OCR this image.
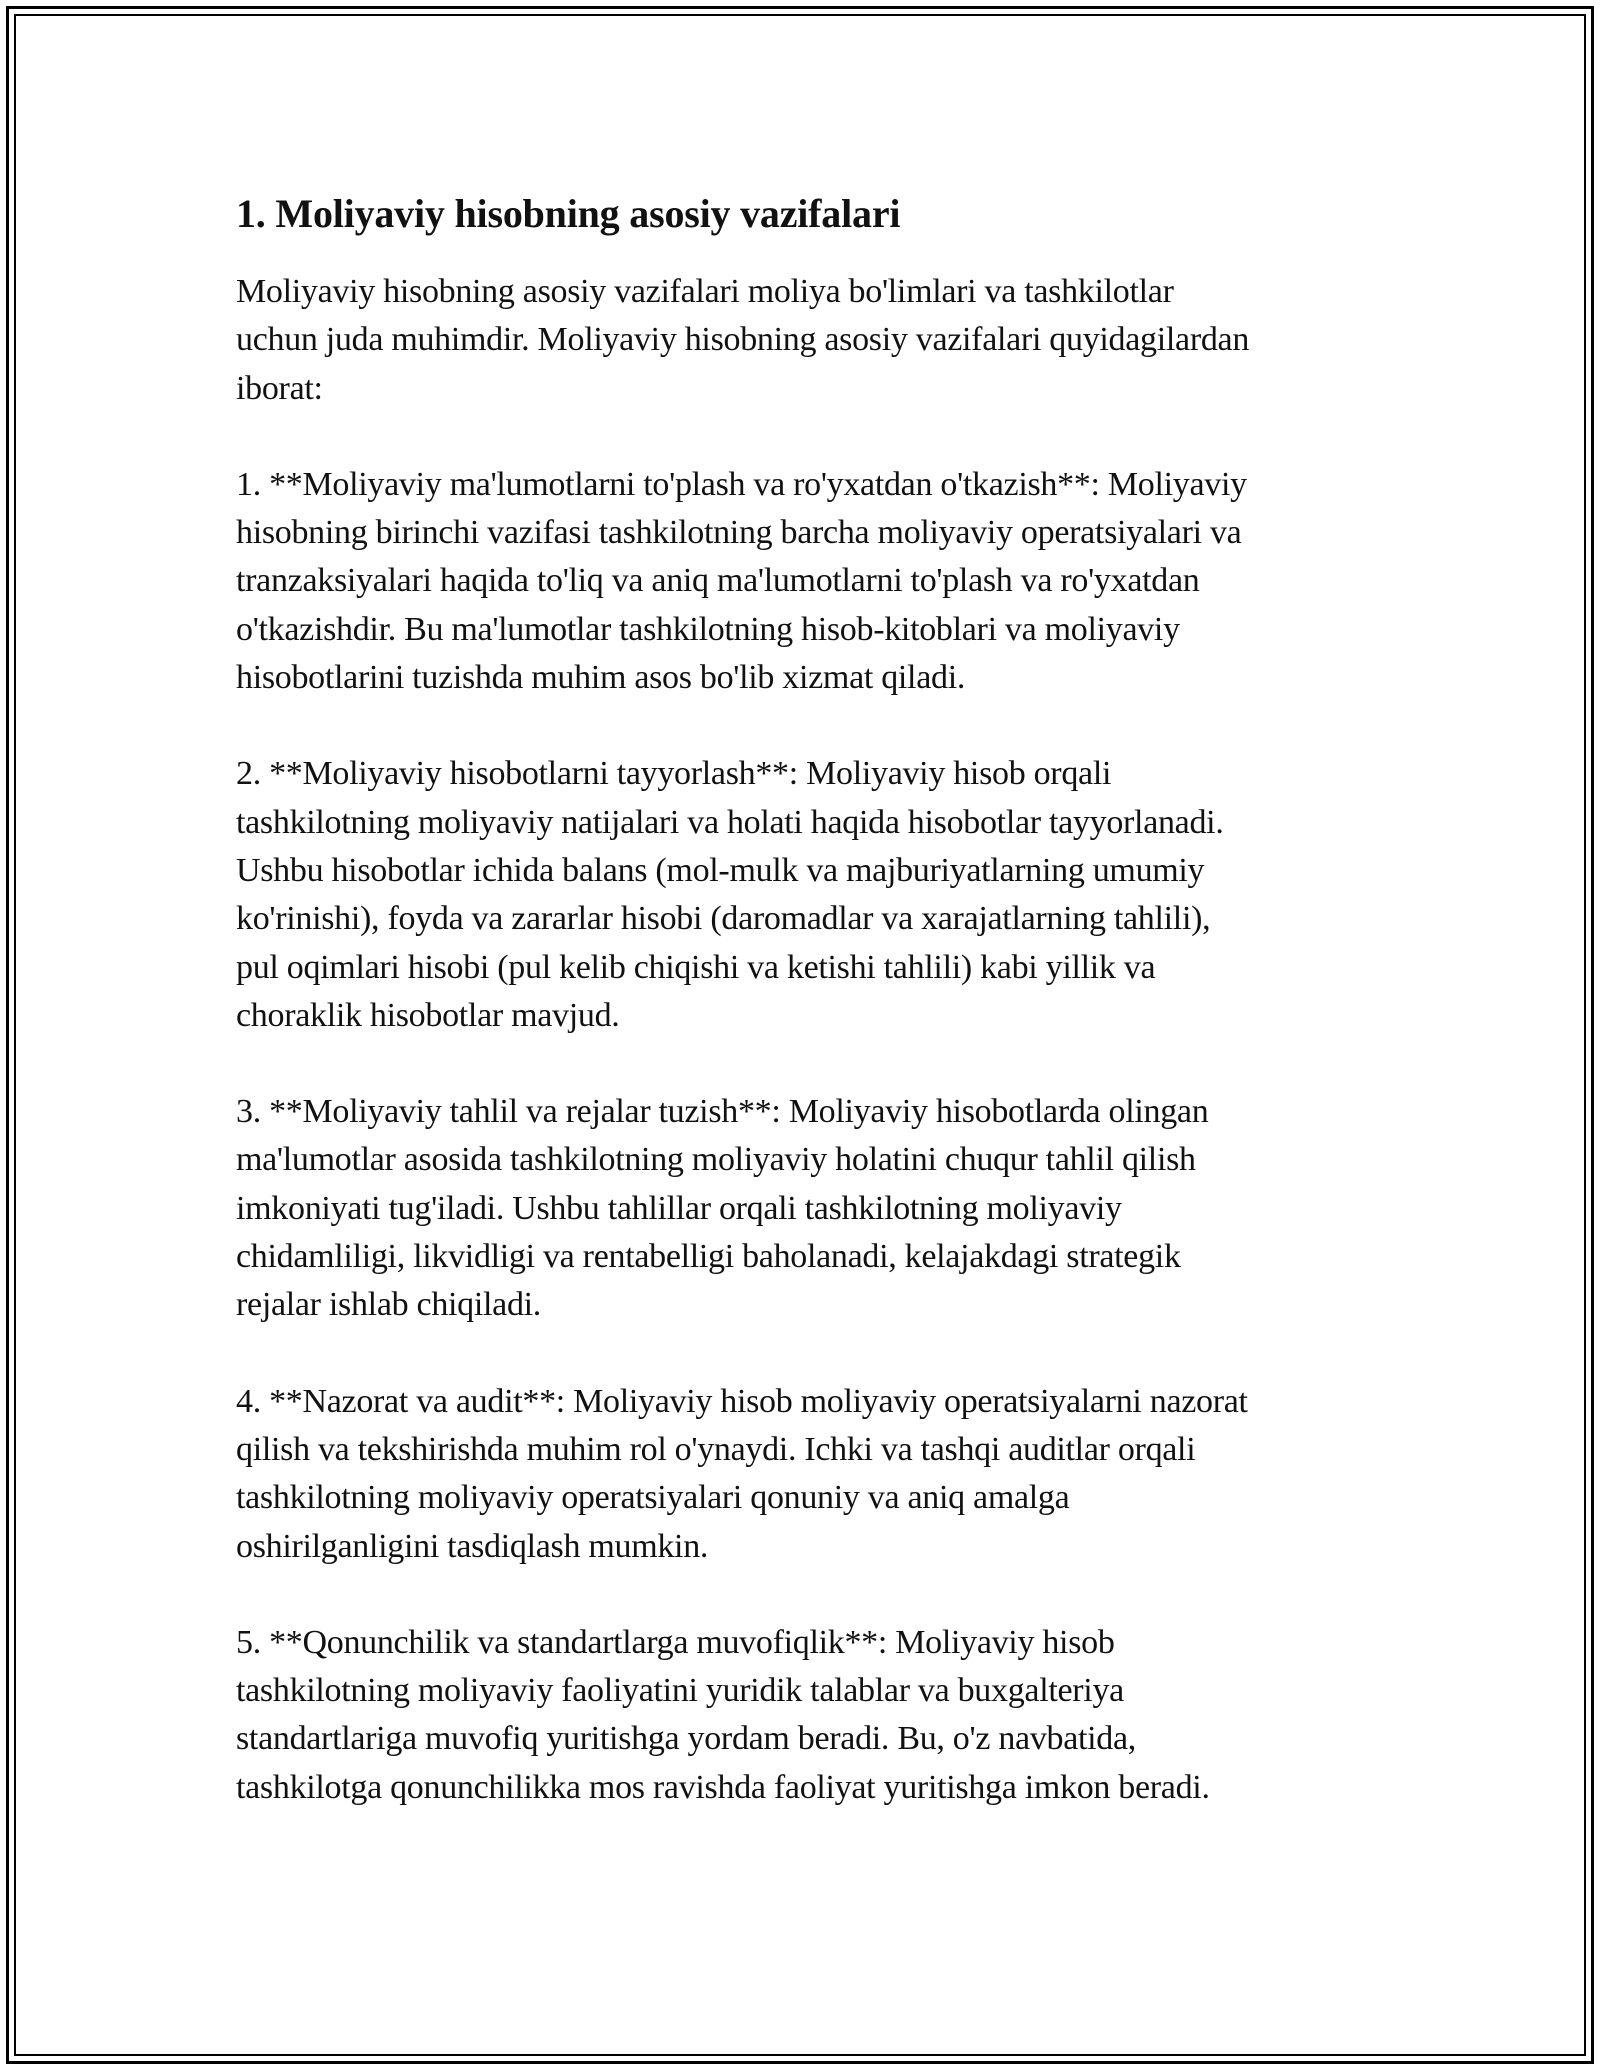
1. Moliyaviy hisobning asosiy vazifalari

Moliyaviy hisobning asosiy vazifalari moliya bo'limlari va tashkilotlar
uchun juda muhimdir. Moliyaviy hisobning asosiy vazifalari quyidagilardan
iborat:

1. **Moliyaviy ma'lumotlarni to'plash va ro'yxatdan o'tkazish**: Moliyaviy
hisobning birinchi vazifasi tashkilotning barcha moliyaviy operatsiyalari va
tranzaksiyalari haqida to'liq va aniq ma'lumotlarni to'plash va ro'yxatdan
o'tkazishdir. Bu ma'lumotlar tashkilotning hisob-kitoblari va moliyaviy
hisobotlarini tuzishda muhim asos bo'lib xizmat qiladi.

2. **Moliyaviy hisobotlarni tayyorlash**: Moliyaviy hisob orqali
tashkilotning moliyaviy natijalari va holati haqida hisobotlar tayyorlanadi.
Ushbu hisobotlar ichida balans (mol-mulk va majburiyatlarning umumiy
ko'rinishi), foyda va zararlar hisobi (daromadlar va xarajatlarning tahlili),
pul oqimlari hisobi (pul kelib chiqishi va ketishi tahlili) kabi yillik va
choraklik hisobotlar mavjud.

3. **Moliyaviy tahlil va rejalar tuzish**: Moliyaviy hisobotlarda olingan
ma'lumotlar asosida tashkilotning moliyaviy holatini chuqur tahlil qilish
imkoniyati tug'iladi. Ushbu tahlillar orqali tashkilotning moliyaviy
chidamliligi, likvidligi va rentabelligi baholanadi, kelajakdagi strategik
rejalar ishlab chiqiladi.

4. **Nazorat va audit**: Moliyaviy hisob moliyaviy operatsiyalarni nazorat
qilish va tekshirishda muhim rol o'ynaydi. Ichki va tashqi auditlar orqali
tashkilotning moliyaviy operatsiyalari qonuniy va aniq amalga
oshirilganligini tasdiqlash mumkin.

5. **Qonunchilik va standartlarga muvofiqlik**: Moliyaviy hisob
tashkilotning moliyaviy faoliyatini yuridik talablar va buxgalteriya
standartlariga muvofiq yuritishga yordam beradi. Bu, o'z navbatida,
tashkilotga qonunchilikka mos ravishda faoliyat yuritishga imkon beradi.
